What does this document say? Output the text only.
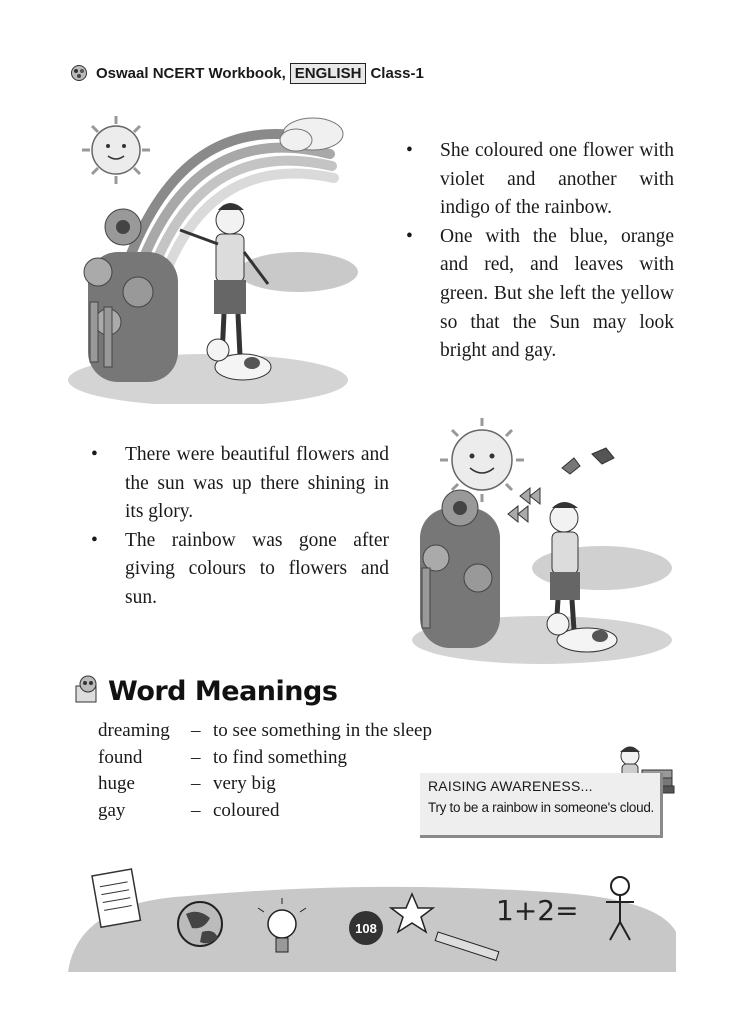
Oswaal NCERT Workbook, ENGLISH Class-1
• She coloured one flower with violet and another with indigo of the rainbow.
• One with the blue, orange and red, and leaves with green. But she left the yellow so that the Sun may look bright and gay.
• There were beautiful flowers and the sun was up there shining in its glory.
• The rainbow was gone after giving colours to flowers and sun.
Word Meanings
dreaming	– to see something in the sleep
found	– to find something
huge	– very big
gay	– coloured
RAISING AWARENESS...
Try to be a rainbow in someone's cloud.
108
1+2=
